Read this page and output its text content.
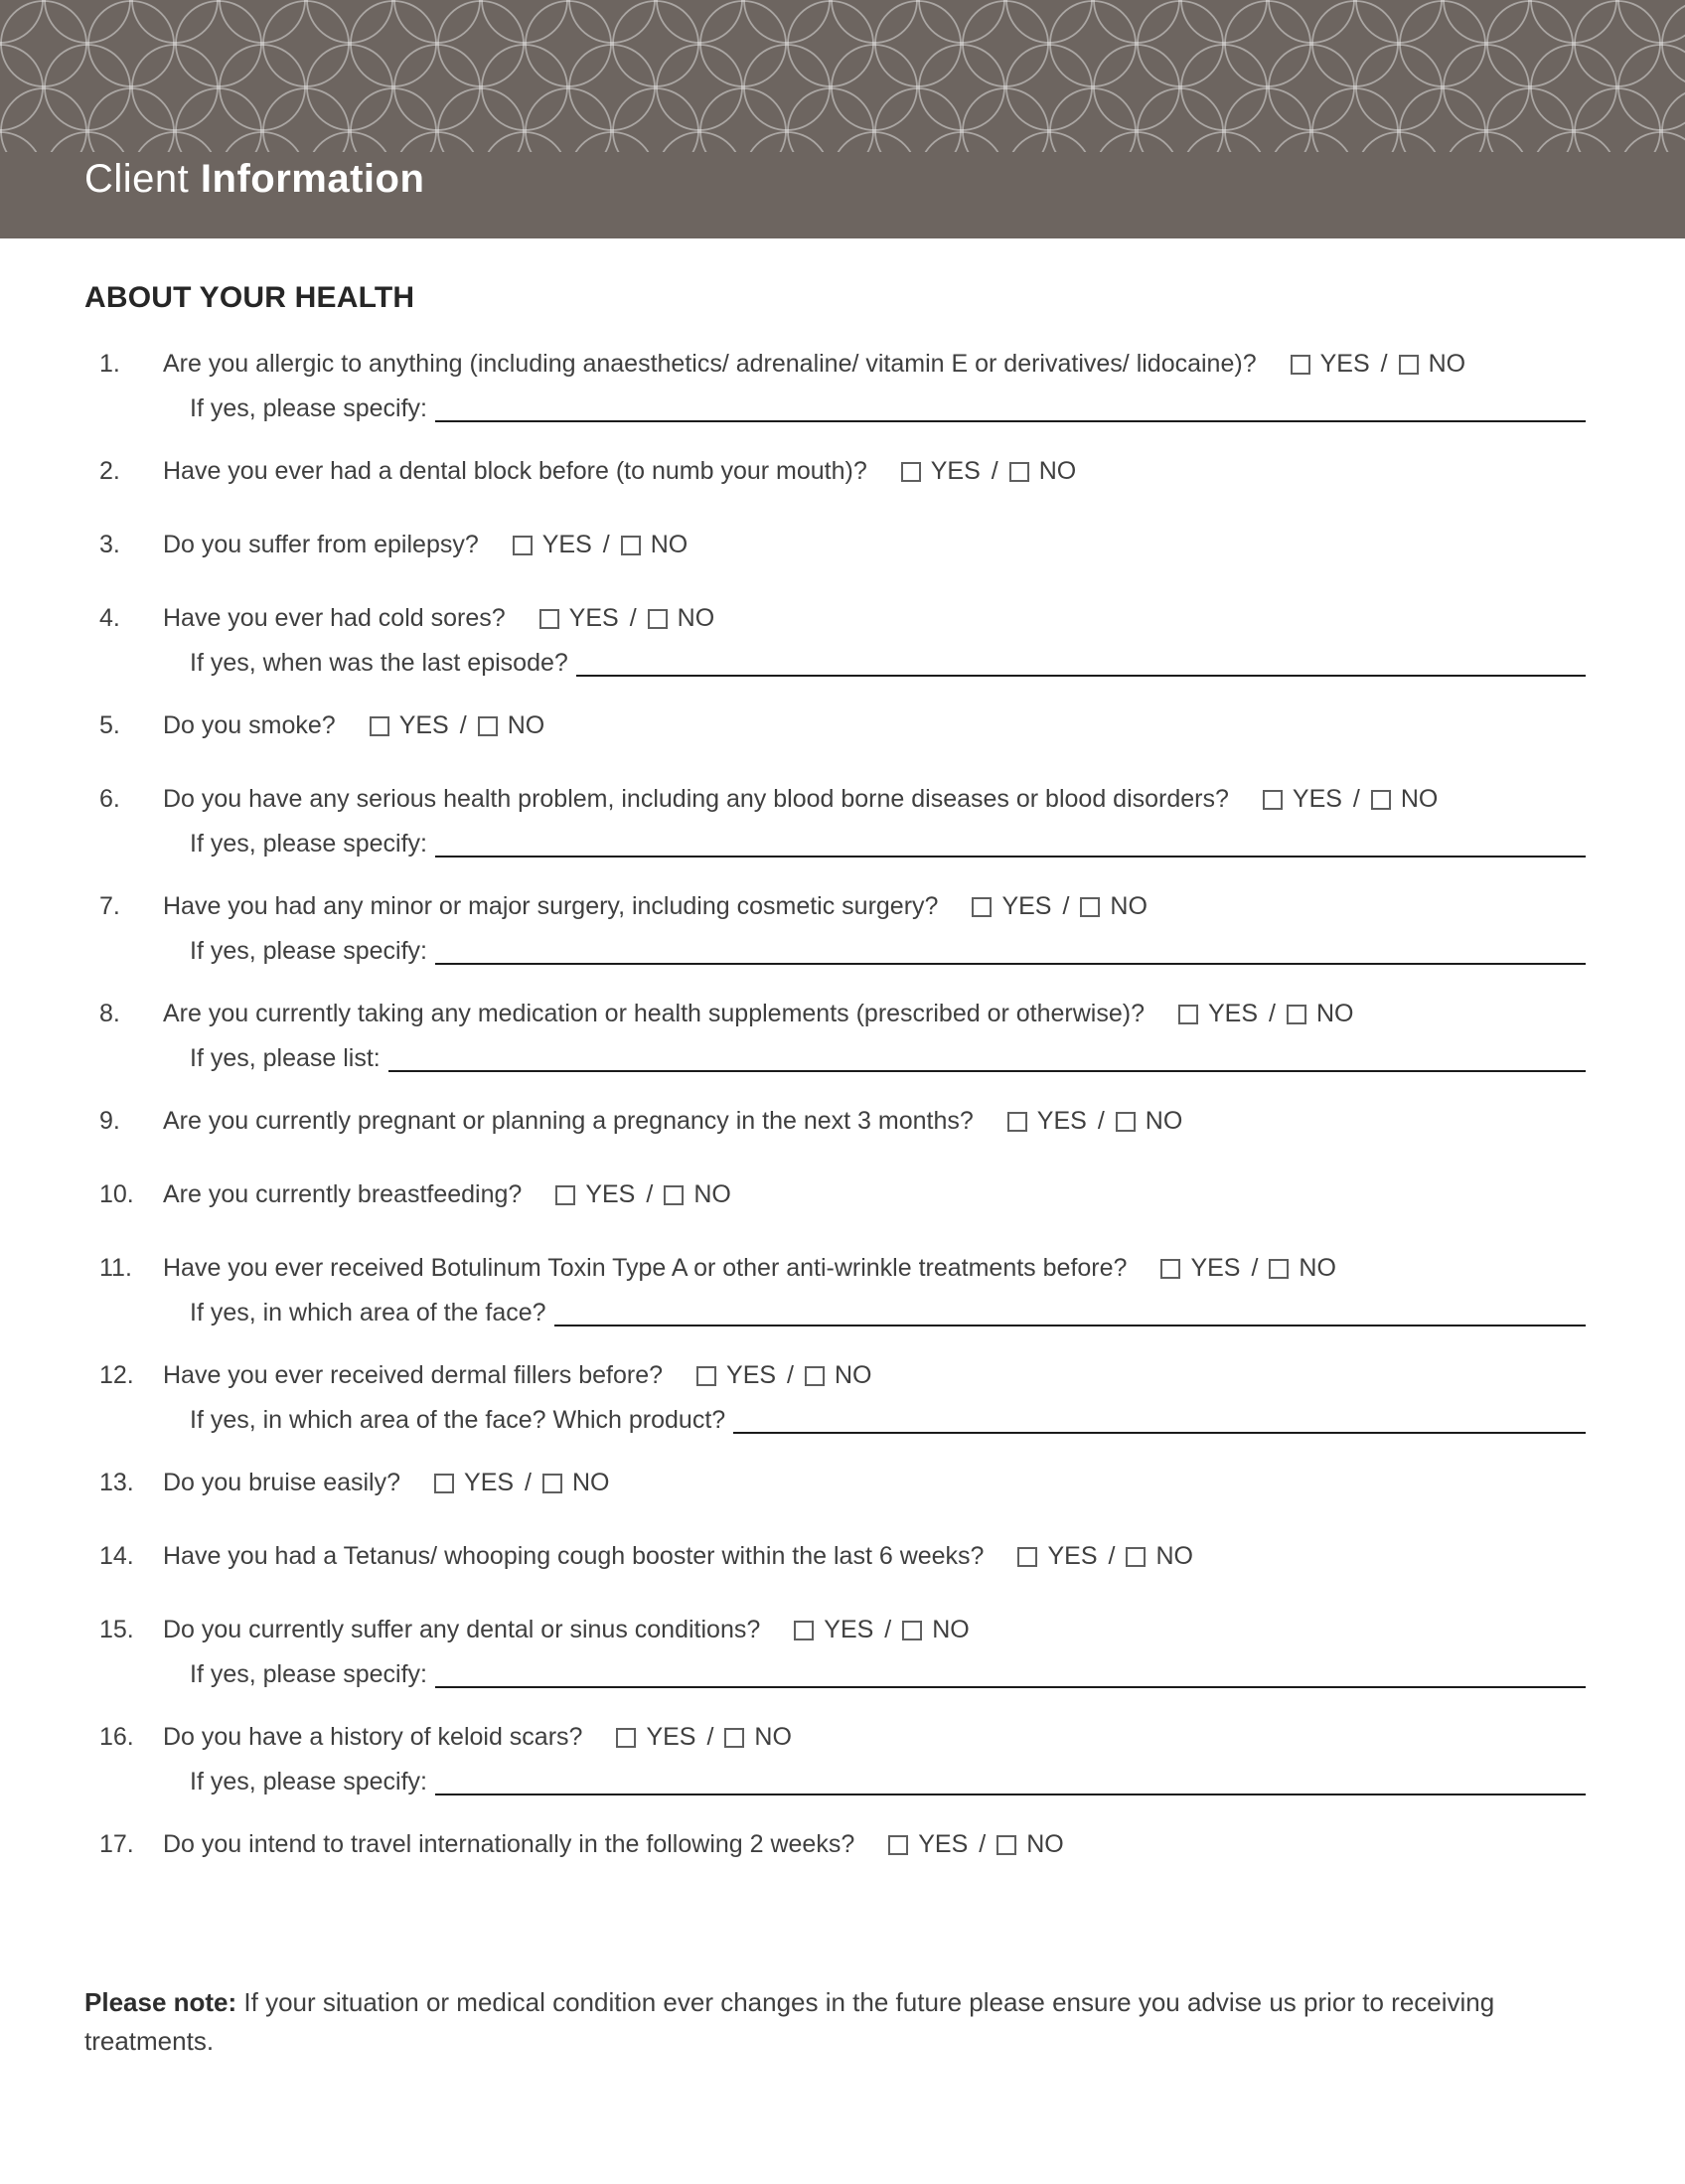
Client Information
ABOUT YOUR HEALTH
1.	Are you allergic to anything (including anaesthetics/ adrenaline/ vitamin E or derivatives/ lidocaine)?	YES / NO
If yes, please specify:
2.	Have you ever had a dental block before (to numb your mouth)?	YES / NO
3.	Do you suffer from epilepsy?	YES / NO
4.	Have you ever had cold sores?	YES / NO
If yes, when was the last episode?
5.	Do you smoke?	YES / NO
6.	Do you have any serious health problem, including any blood borne diseases or blood disorders?	YES / NO
If yes, please specify:
7.	Have you had any minor or major surgery, including cosmetic surgery?	YES / NO
If yes, please specify:
8.	Are you currently taking any medication or health supplements (prescribed or otherwise)?	YES / NO
If yes, please list:
9.	Are you currently pregnant or planning a pregnancy in the next 3 months?	YES / NO
10.	Are you currently breastfeeding?	YES / NO
11.	Have you ever received Botulinum Toxin Type A or other anti-wrinkle treatments before?	YES / NO
If yes, in which area of the face?
12.	Have you ever received dermal fillers before?	YES / NO
If yes, in which area of the face? Which product?
13.	Do you bruise easily?	YES / NO
14.	Have you had a Tetanus/ whooping cough booster within the last 6 weeks?	YES / NO
15.	Do you currently suffer any dental or sinus conditions?	YES / NO
If yes, please specify:
16.	Do you have a history of keloid scars?	YES / NO
If yes, please specify:
17.	Do you intend to travel internationally in the following 2 weeks?	YES / NO

Please note: If your situation or medical condition ever changes in the future please ensure you advise us prior to receiving treatments.
